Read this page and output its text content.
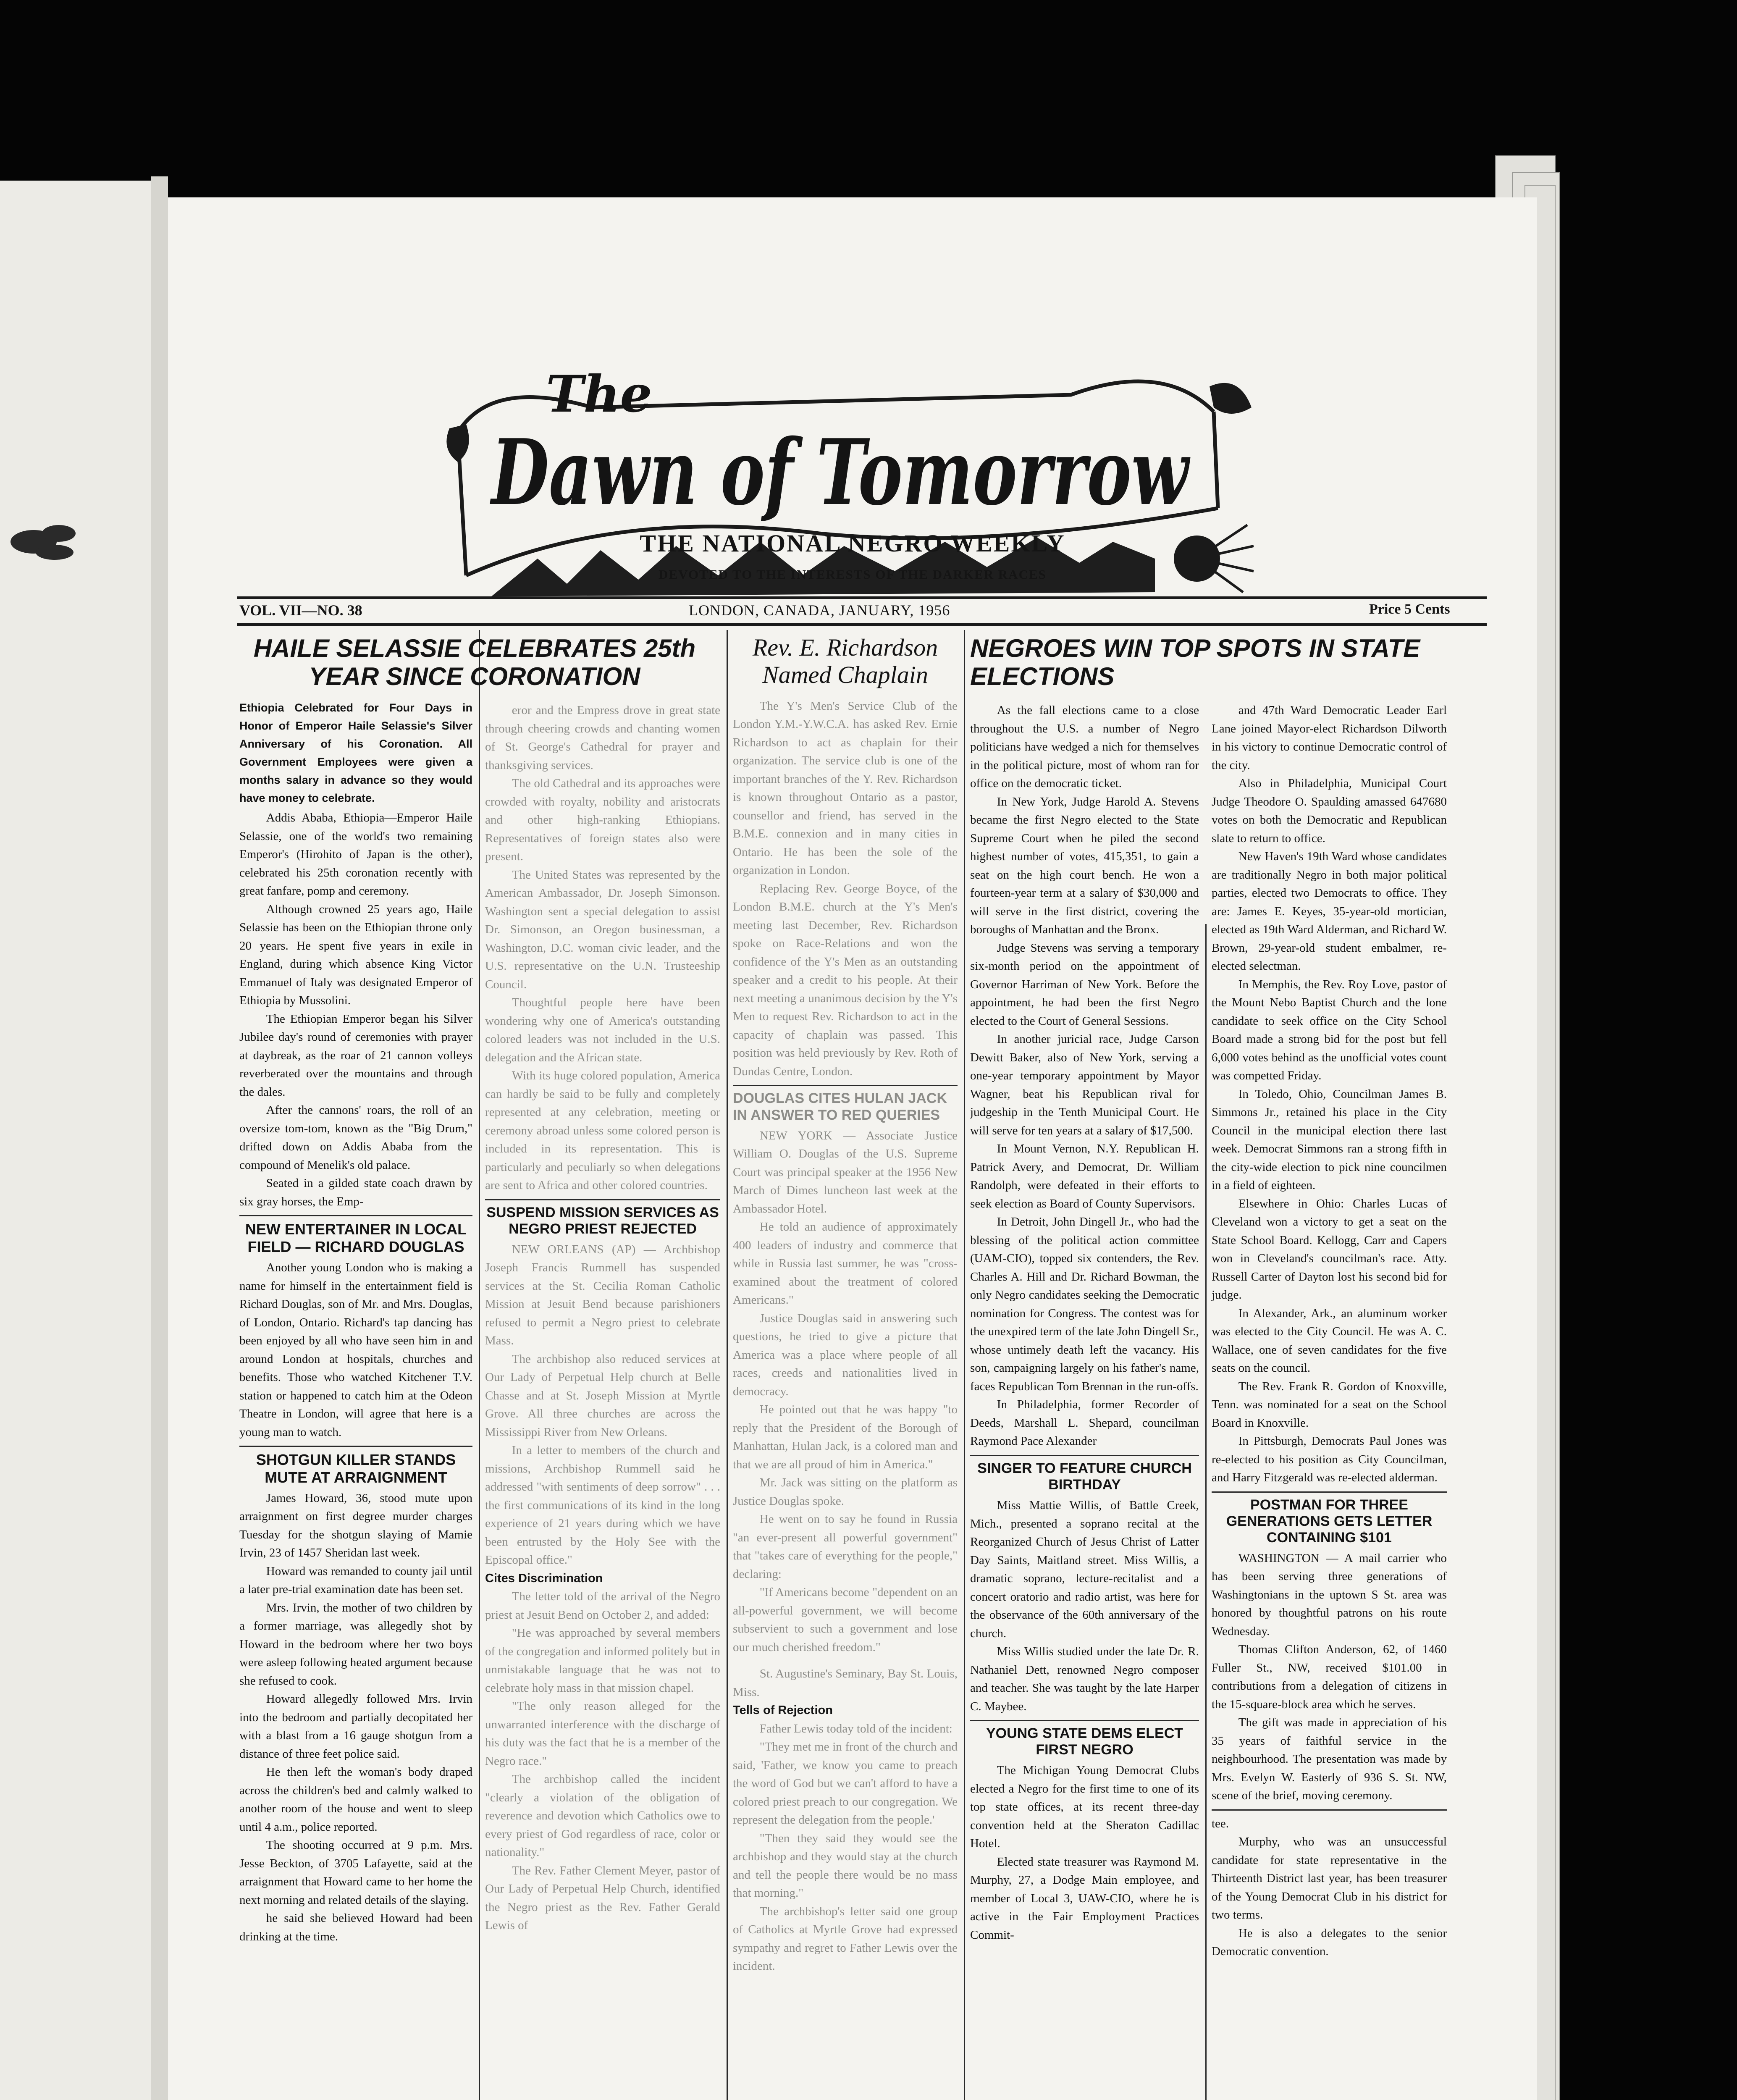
The
Dawn of Tomorrow
THE NATIONAL NEGRO WEEKLY
DEVOTED TO THE INTERESTS OF THE DARKER RACES
VOL. VII—NO. 38	LONDON, CANADA, JANUARY, 1956	Price 5 Cents
HAILE SELASSIE CELEBRATES 25th YEAR SINCE CORONATION
Ethiopia Celebrated for Four Days in Honor of Emperor Haile Selassie's Silver Anniversary of his Coronation. All Government Employees were given a months salary in advance so they would have money to celebrate.

Addis Ababa, Ethiopia—Emperor Haile Selassie, one of the world's two remaining Emperor's (Hirohito of Japan is the other), celebrated his 25th coronation recently with great fanfare, pomp and ceremony.

Although crowned 25 years ago, Haile Selassie has been on the Ethiopian throne only 20 years. He spent five years in exile in England, during which absence King Victor Emmanuel of Italy was designated Emperor of Ethiopia by Mussolini.

The Ethiopian Emperor began his Silver Jubilee day's round of ceremonies with prayer at daybreak, as the roar of 21 cannon volleys reverberated over the mountains and through the dales.

After the cannons' roars, the roll of an oversize tom-tom, known as the "Big Drum," drifted down on Addis Ababa from the compound of Menelik's old palace.

Seated in a gilded state coach drawn by six gray horses, the Emp-

NEW ENTERTAINER IN LOCAL FIELD — RICHARD DOUGLAS

Another young London who is making a name for himself in the entertainment field is Richard Douglas, son of Mr. and Mrs. Douglas, of London, Ontario. Richard's tap dancing has been enjoyed by all who have seen him in and around London at hospitals, churches and benefits. Those who watched Kitchener T.V. station or happened to catch him at the Odeon Theatre in London, will agree that here is a young man to watch.

SHOTGUN KILLER STANDS MUTE AT ARRAIGNMENT

James Howard, 36, stood mute upon arraignment on first degree murder charges Tuesday for the shotgun slaying of Mamie Irvin, 23 of 1457 Sheridan last week.

Howard was remanded to county jail until a later pre-trial examination date has been set.

Mrs. Irvin, the mother of two children by a former marriage, was allegedly shot by Howard in the bedroom where her two boys were asleep following heated argument because she refused to cook.

Howard allegedly followed Mrs. Irvin into the bedroom and partially decopitated her with a blast from a 16 gauge shotgun from a distance of three feet police said.

He then left the woman's body draped across the children's bed and calmly walked to another room of the house and went to sleep until 4 a.m., police reported.

The shooting occurred at 9 p.m. Mrs. Jesse Beckton, of 3705 Lafayette, said at the arraignment that Howard came to her home the next morning and related details of the slaying.

he said she believed Howard had been drinking at the time.

eror and the Empress drove in great state through cheering crowds and chanting women of St. George's Cathedral for prayer and thanksgiving services.

The old Cathedral and its approaches were crowded with royalty, nobility and aristocrats and other high-ranking Ethiopians. Representatives of foreign states also were present.

The United States was represented by the American Ambassador, Dr. Joseph Simonson. Washington sent a special delegation to assist Dr. Simonson, an Oregon businessman, a Washington, D.C. woman civic leader, and the U.S. representative on the U.N. Trusteeship Council.

Thoughtful people here have been wondering why one of America's outstanding colored leaders was not included in the U.S. delegation and the African state.

With its huge colored population, America can hardly be said to be fully and completely represented at any celebration, meeting or ceremony abroad unless some colored person is included in its representation. This is particularly and peculiarly so when delegations are sent to Africa and other colored countries.

SUSPEND MISSION SERVICES AS NEGRO PRIEST REJECTED

NEW ORLEANS (AP) — Archbishop Joseph Francis Rummell has suspended services at the St. Cecilia Roman Catholic Mission at Jesuit Bend because parishioners refused to permit a Negro priest to celebrate Mass.

The archbishop also reduced services at Our Lady of Perpetual Help church at Belle Chasse and at St. Joseph Mission at Myrtle Grove. All three churches are across the Mississippi River from New Orleans.

In a letter to members of the church and missions, Archbishop Rummell said he addressed "with sentiments of deep sorrow" . . . the first communications of its kind in the long experience of 21 years during which we have been entrusted by the Holy See with the Episcopal office."

Cites Discrimination

The letter told of the arrival of the Negro priest at Jesuit Bend on October 2, and added:

"He was approached by several members of the congregation and informed politely but in unmistakable language that he was not to celebrate holy mass in that mission chapel.

"The only reason alleged for the unwarranted interference with the discharge of his duty was the fact that he is a member of the Negro race."

The archbishop called the incident "clearly a violation of the obligation of reverence and devotion which Catholics owe to every priest of God regardless of race, color or nationality."

The Rev. Father Clement Meyer, pastor of Our Lady of Perpetual Help Church, identified the Negro priest as the Rev. Father Gerald Lewis of

Rev. E. Richardson Named Chaplain

The Y's Men's Service Club of the London Y.M.-Y.W.C.A. has asked Rev. Ernie Richardson to act as chaplain for their organization. The service club is one of the important branches of the Y. Rev. Richardson is known throughout Ontario as a pastor, counsellor and friend, has served in the B.M.E. connexion and in many cities in Ontario. He has been the sole of the organization in London.

Replacing Rev. George Boyce, of the London B.M.E. church at the Y's Men's meeting last December, Rev. Richardson spoke on Race-Relations and won the confidence of the Y's Men as an outstanding speaker and a credit to his people. At their next meeting a unanimous decision by the Y's Men to request Rev. Richardson to act in the capacity of chaplain was passed. This position was held previously by Rev. Roth of Dundas Centre, London.

DOUGLAS CITES HULAN JACK IN ANSWER TO RED QUERIES

NEW YORK — Associate Justice William O. Douglas of the U.S. Supreme Court was principal speaker at the 1956 New March of Dimes luncheon last week at the Ambassador Hotel.

He told an audience of approximately 400 leaders of industry and commerce that while in Russia last summer, he was "cross-examined about the treatment of colored Americans."

Justice Douglas said in answering such questions, he tried to give a picture that America was a place where people of all races, creeds and nationalities lived in democracy.

He pointed out that he was happy "to reply that the President of the Borough of Manhattan, Hulan Jack, is a colored man and that we are all proud of him in America."

Mr. Jack was sitting on the platform as Justice Douglas spoke.

He went on to say he found in Russia "an ever-present all powerful government" that "takes care of everything for the people," declaring:

"If Americans become "dependent on an all-powerful government, we will become subservient to such a government and lose our much cherished freedom."

St. Augustine's Seminary, Bay St. Louis, Miss.

Tells of Rejection

Father Lewis today told of the incident:

"They met me in front of the church and said, 'Father, we know you came to preach the word of God but we can't afford to have a colored priest preach to our congregation. We represent the delegation from the people.'

"Then they said they would see the archbishop and they would stay at the church and tell the people there would be no mass that morning."

The archbishop's letter said one group of Catholics at Myrtle Grove had expressed sympathy and regret to Father Lewis over the incident.

NEGROES WIN TOP SPOTS IN STATE ELECTIONS

As the fall elections came to a close throughout the U.S. a number of Negro politicians have wedged a nich for themselves in the political picture, most of whom ran for office on the democratic ticket.

In New York, Judge Harold A. Stevens became the first Negro elected to the State Supreme Court when he piled the second highest number of votes, 415,351, to gain a seat on the high court bench. He won a fourteen-year term at a salary of $30,000 and will serve in the first district, covering the boroughs of Manhattan and the Bronx.

Judge Stevens was serving a temporary six-month period on the appointment of Governor Harriman of New York. Before the appointment, he had been the first Negro elected to the Court of General Sessions.

In another juricial race, Judge Carson Dewitt Baker, also of New York, serving a one-year temporary appointment by Mayor Wagner, beat his Republican rival for judgeship in the Tenth Municipal Court. He will serve for ten years at a salary of $17,500.

In Mount Vernon, N.Y. Republican H. Patrick Avery, and Democrat, Dr. William Randolph, were defeated in their efforts to seek election as Board of County Supervisors.

In Detroit, John Dingell Jr., who had the blessing of the political action committee (UAM-CIO), topped six contenders, the Rev. Charles A. Hill and Dr. Richard Bowman, the only Negro candidates seeking the Democratic nomination for Congress. The contest was for the unexpired term of the late John Dingell Sr., whose untimely death left the vacancy. His son, campaigning largely on his father's name, faces Republican Tom Brennan in the run-offs.

In Philadelphia, former Recorder of Deeds, Marshall L. Shepard, councilman Raymond Pace Alexander

SINGER TO FEATURE CHURCH BIRTHDAY

Miss Mattie Willis, of Battle Creek, Mich., presented a soprano recital at the Reorganized Church of Jesus Christ of Latter Day Saints, Maitland street. Miss Willis, a dramatic soprano, lecture-recitalist and a concert oratorio and radio artist, was here for the observance of the 60th anniversary of the church.

Miss Willis studied under the late Dr. R. Nathaniel Dett, renowned Negro composer and teacher. She was taught by the late Harper C. Maybee.

YOUNG STATE DEMS ELECT FIRST NEGRO

The Michigan Young Democrat Clubs elected a Negro for the first time to one of its top state offices, at its recent three-day convention held at the Sheraton Cadillac Hotel.

Elected state treasurer was Raymond M. Murphy, 27, a Dodge Main employee, and member of Local 3, UAW-CIO, where he is active in the Fair Employment Practices Commit-

and 47th Ward Democratic Leader Earl Lane joined Mayor-elect Richardson Dilworth in his victory to continue Democratic control of the city.

Also in Philadelphia, Municipal Court Judge Theodore O. Spaulding amassed 647680 votes on both the Democratic and Republican slate to return to office.

New Haven's 19th Ward whose candidates are traditionally Negro in both major political parties, elected two Democrats to office. They are: James E. Keyes, 35-year-old mortician, elected as 19th Ward Alderman, and Richard W. Brown, 29-year-old student embalmer, re-elected selectman.

In Memphis, the Rev. Roy Love, pastor of the Mount Nebo Baptist Church and the lone candidate to seek office on the City School Board made a strong bid for the post but fell 6,000 votes behind as the unofficial votes count was competted Friday.

In Toledo, Ohio, Councilman James B. Simmons Jr., retained his place in the City Council in the municipal election there last week. Democrat Simmons ran a strong fifth in the city-wide election to pick nine councilmen in a field of eighteen.

Elsewhere in Ohio: Charles Lucas of Cleveland won a victory to get a seat on the State School Board. Kellogg, Carr and Capers won in Cleveland's councilman's race. Atty. Russell Carter of Dayton lost his second bid for judge.

In Alexander, Ark., an aluminum worker was elected to the City Council. He was A. C. Wallace, one of seven candidates for the five seats on the council.

The Rev. Frank R. Gordon of Knoxville, Tenn. was nominated for a seat on the School Board in Knoxville.

In Pittsburgh, Democrats Paul Jones was re-elected to his position as City Councilman, and Harry Fitzgerald was re-elected alderman.

POSTMAN FOR THREE GENERATIONS GETS LETTER CONTAINING $101

WASHINGTON — A mail carrier who has been serving three generations of Washingtonians in the uptown S St. area was honored by thoughtful patrons on his route Wednesday.

Thomas Clifton Anderson, 62, of 1460 Fuller St., NW, received $101.00 in contributions from a delegation of citizens in the 15-square-block area which he serves.

The gift was made in appreciation of his 35 years of faithful service in the neighbourhood. The presentation was made by Mrs. Evelyn W. Easterly of 936 S. St. NW, scene of the brief, moving ceremony.

tee.

Murphy, who was an unsuccessful candidate for state representative in the Thirteenth District last year, has been treasurer of the Young Democrat Club in his district for two terms.

He is also a delegates to the senior Democratic convention.
